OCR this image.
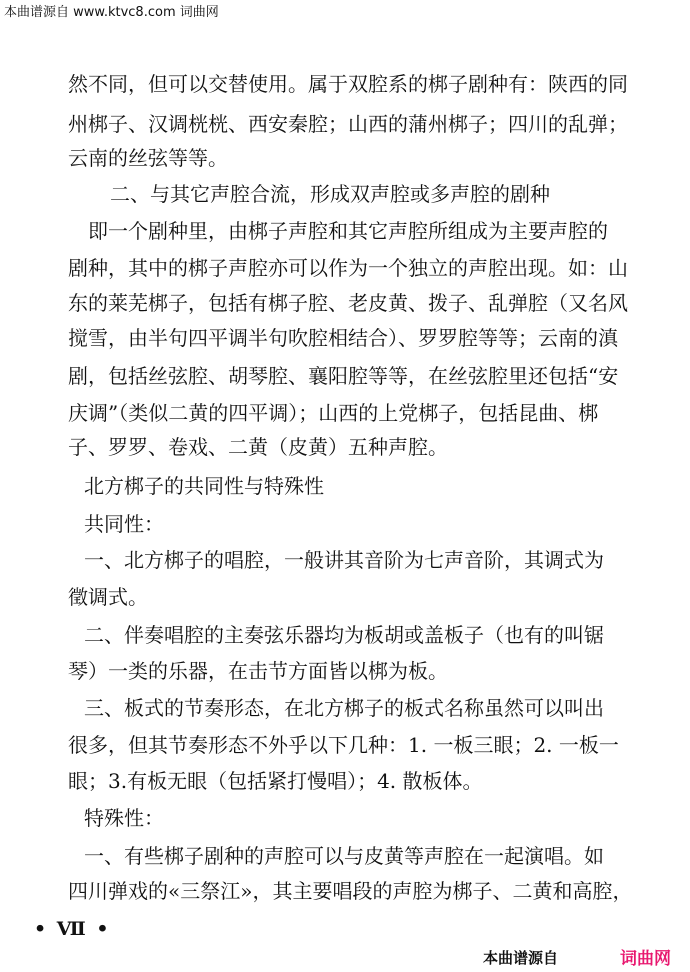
本曲谱源自 www.ktvc8.com 词曲网
然不同，但可以交替使用。属于双腔系的梆子剧种有：陕西的同
州梆子、汉调桄桄、西安秦腔；山西的蒲州梆子；四川的乱弹；
云南的丝弦等等。
二、与其它声腔合流，形成双声腔或多声腔的剧种
即一个剧种里，由梆子声腔和其它声腔所组成为主要声腔的
剧种，其中的梆子声腔亦可以作为一个独立的声腔出现。如：山
东的莱芜梆子，包括有梆子腔、老皮黄、拨子、乱弹腔（又名风
搅雪，由半句四平调半句吹腔相结合）、罗罗腔等等；云南的滇
剧，包括丝弦腔、胡琴腔、襄阳腔等等，在丝弦腔里还包括“安
庆调”（类似二黄的四平调）；山西的上党梆子，包括昆曲、梆
子、罗罗、卷戏、二黄（皮黄）五种声腔。
北方梆子的共同性与特殊性
共同性：
一、北方梆子的唱腔，一般讲其音阶为七声音阶，其调式为
徵调式。
二、伴奏唱腔的主奏弦乐器均为板胡或盖板子（也有的叫锯
琴）一类的乐器，在击节方面皆以梆为板。
三、板式的节奏形态，在北方梆子的板式名称虽然可以叫出
很多，但其节奏形态不外乎以下几种：1. 一板三眼；2. 一板一
眼；3.有板无眼（包括紧打慢唱）；4. 散板体。
特殊性：
一、有些梆子剧种的声腔可以与皮黄等声腔在一起演唱。如
四川弹戏的«三祭江»，其主要唱段的声腔为梆子、二黄和高腔，
• Ⅶ •
本曲谱源自	词曲网
